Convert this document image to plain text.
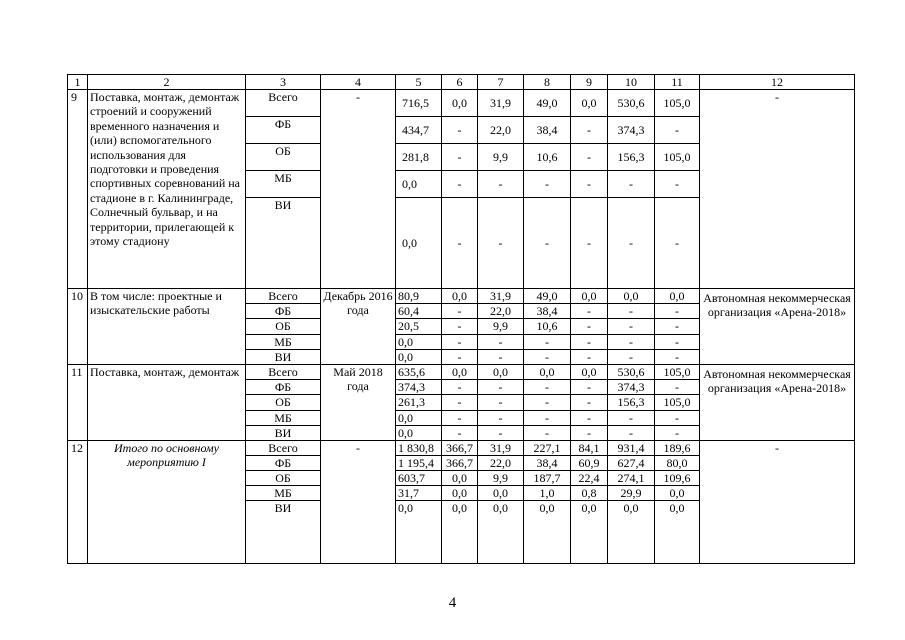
1	2	3	4	5	6	7	8	9	10	11	12
9	Поставка, монтаж, демонтаж строений и сооружений временного назначения и (или) вспомогательного использования для подготовки и проведения спортивных соревнований на стадионе в г. Калининграде, Солнечный бульвар, и на территории, прилегающей к этому стадиону	Всего	-	716,5	0,0	31,9	49,0	0,0	530,6	105,0	-
		ФБ		434,7	-	22,0	38,4	-	374,3	-	
		ОБ		281,8	-	9,9	10,6	-	156,3	105,0	
		МБ		0,0	-	-	-	-	-	-	
		ВИ		0,0	-	-	-	-	-	-	
10	В том числе: проектные и изыскательские работы	Всего	Декабрь 2016 года	80,9	0,0	31,9	49,0	0,0	0,0	0,0	Автономная некоммерческая организация «Арена-2018»
		ФБ		60,4	-	22,0	38,4	-	-	-	
		ОБ		20,5	-	9,9	10,6	-	-	-	
		МБ		0,0	-	-	-	-	-	-	
		ВИ		0,0	-	-	-	-	-	-	
11	Поставка, монтаж, демонтаж	Всего	Май 2018 года	635,6	0,0	0,0	0,0	0,0	530,6	105,0	Автономная некоммерческая организация «Арена-2018»
		ФБ		374,3	-	-	-	-	374,3	-	
		ОБ		261,3	-	-	-	-	156,3	105,0	
		МБ		0,0	-	-	-	-	-	-	
		ВИ		0,0	-	-	-	-	-	-	
12	Итого по основному мероприятию I	Всего	-	1 830,8	366,7	31,9	227,1	84,1	931,4	189,6	-
		ФБ		1 195,4	366,7	22,0	38,4	60,9	627,4	80,0	
		ОБ		603,7	0,0	9,9	187,7	22,4	274,1	109,6	
		МБ		31,7	0,0	0,0	1,0	0,8	29,9	0,0	
		ВИ		0,0	0,0	0,0	0,0	0,0	0,0	0,0	
4
